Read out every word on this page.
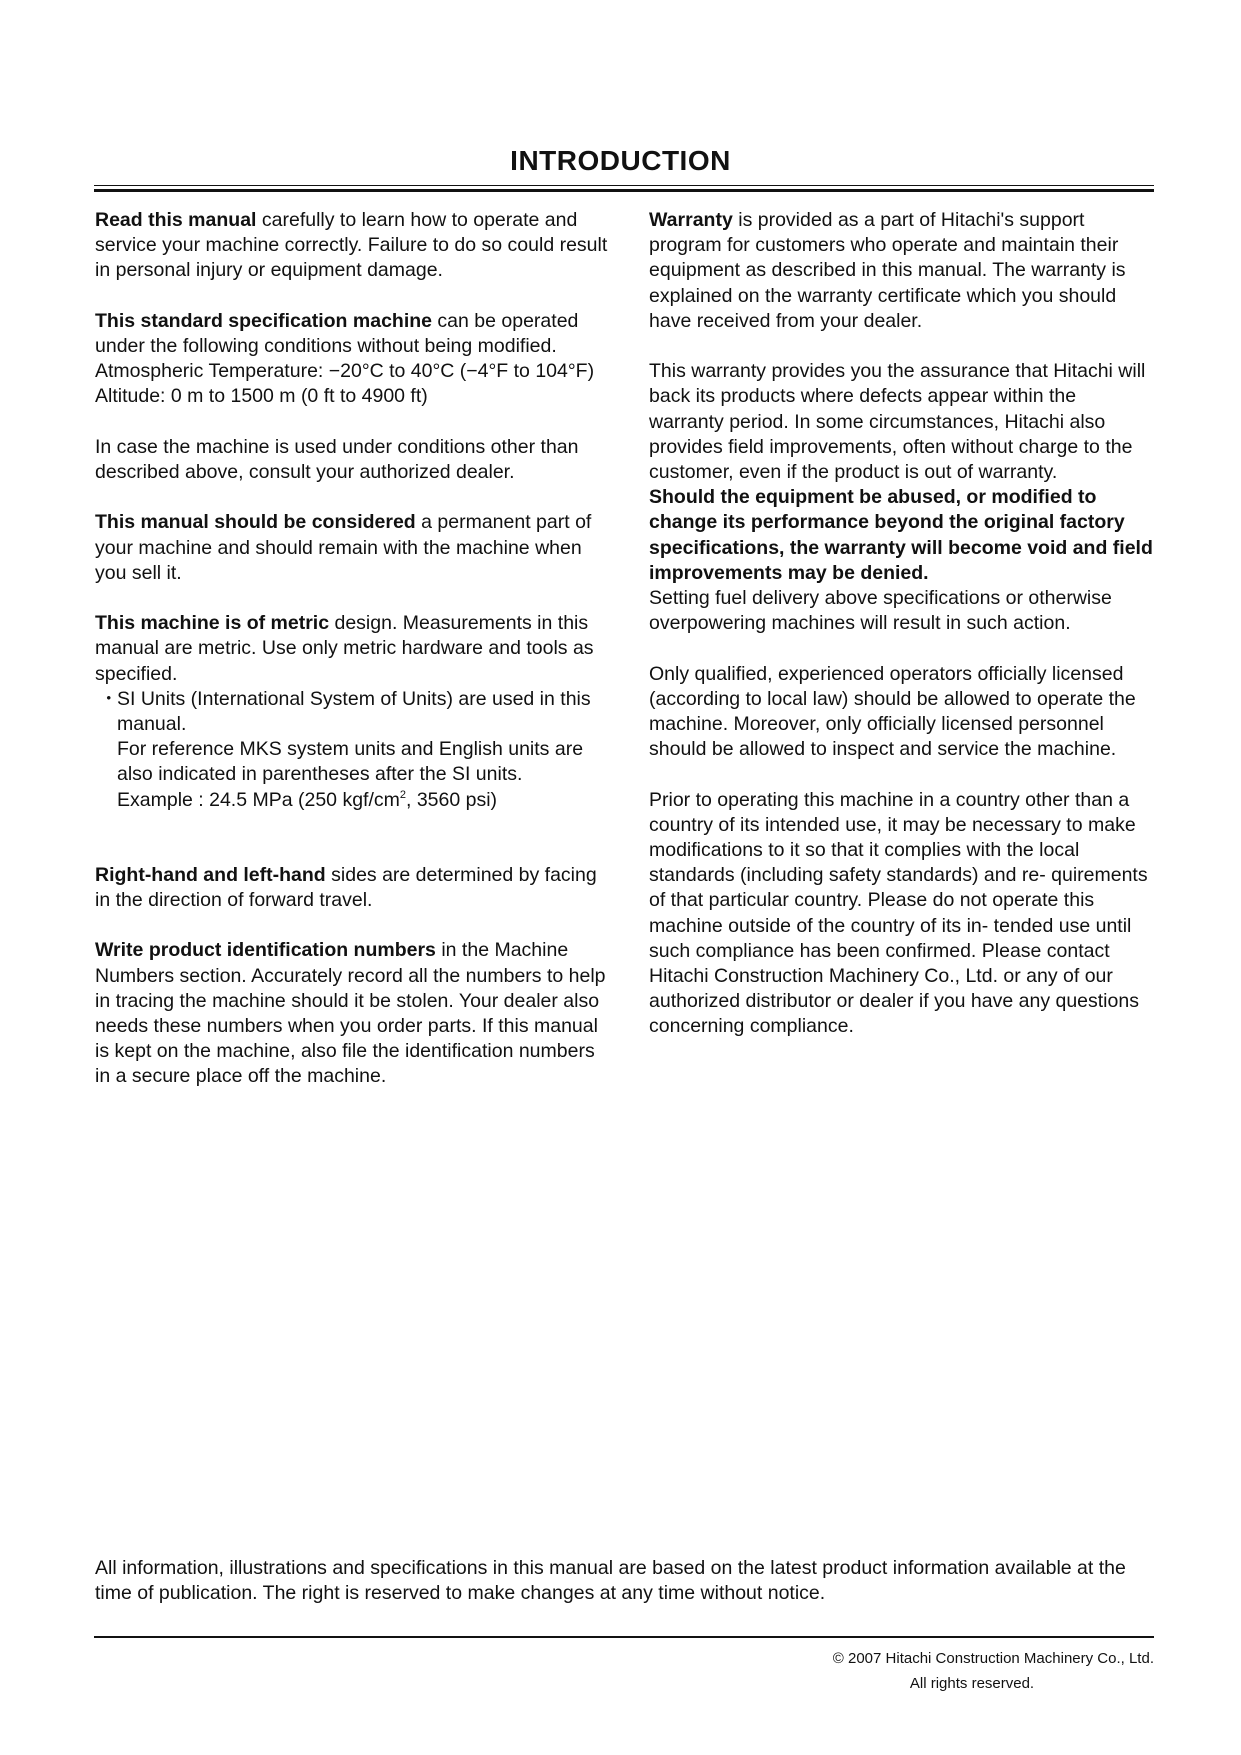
INTRODUCTION

Read this manual carefully to learn how to operate and service your machine correctly. Failure to do so could result in personal injury or equipment damage.

This standard specification machine can be operated under the following conditions without being modified.
Atmospheric Temperature: −20°C to 40°C (−4°F to 104°F)
Altitude: 0 m to 1500 m (0 ft to 4900 ft)

In case the machine is used under conditions other than described above, consult your authorized dealer.

This manual should be considered a permanent part of your machine and should remain with the machine when you sell it.

This machine is of metric design. Measurements in this manual are metric. Use only metric hardware and tools as specified.

・
SI Units (International System of Units) are used in this manual.
For reference MKS system units and English units are also indicated in parentheses after the SI units.
Example : 24.5 MPa (250 kgf/$cm^2$, 3560 psi)

Right-hand and left-hand sides are determined by facing in the direction of forward travel.

Write product identification numbers in the Machine Numbers section. Accurately record all the numbers to help in tracing the machine should it be stolen. Your dealer also needs these numbers when you order parts. If this manual is kept on the machine, also file the identification numbers in a secure place off the machine.

Warranty is provided as a part of Hitachi's support program for customers who operate and maintain their equipment as described in this manual. The warranty is explained on the warranty certificate which you should have received from your dealer.

This warranty provides you the assurance that Hitachi will back its products where defects appear within the warranty period. In some circumstances, Hitachi also provides field improvements, often without charge to the customer, even if the product is out of warranty.
Should the equipment be abused, or modified to change its performance beyond the original factory specifications, the warranty will become void and field improvements may be denied.
Setting fuel delivery above specifications or otherwise overpowering machines will result in such action.

Only qualified, experienced operators officially licensed (according to local law) should be allowed to operate the machine. Moreover, only officially licensed personnel should be allowed to inspect and service the machine.

Prior to operating this machine in a country other than a country of its intended use, it may be necessary to make modifications to it so that it complies with the local standards (including safety standards) and re- quirements of that particular country. Please do not operate this machine outside of the country of its in- tended use until such compliance has been confirmed. Please contact Hitachi Construction Machinery Co., Ltd. or any of our authorized distributor or dealer if you have any questions concerning compliance.

All information, illustrations and specifications in this manual are based on the latest product information available at the time of publication. The right is reserved to make changes at any time without notice.
© 2007 Hitachi Construction Machinery Co., Ltd.
All rights reserved.
